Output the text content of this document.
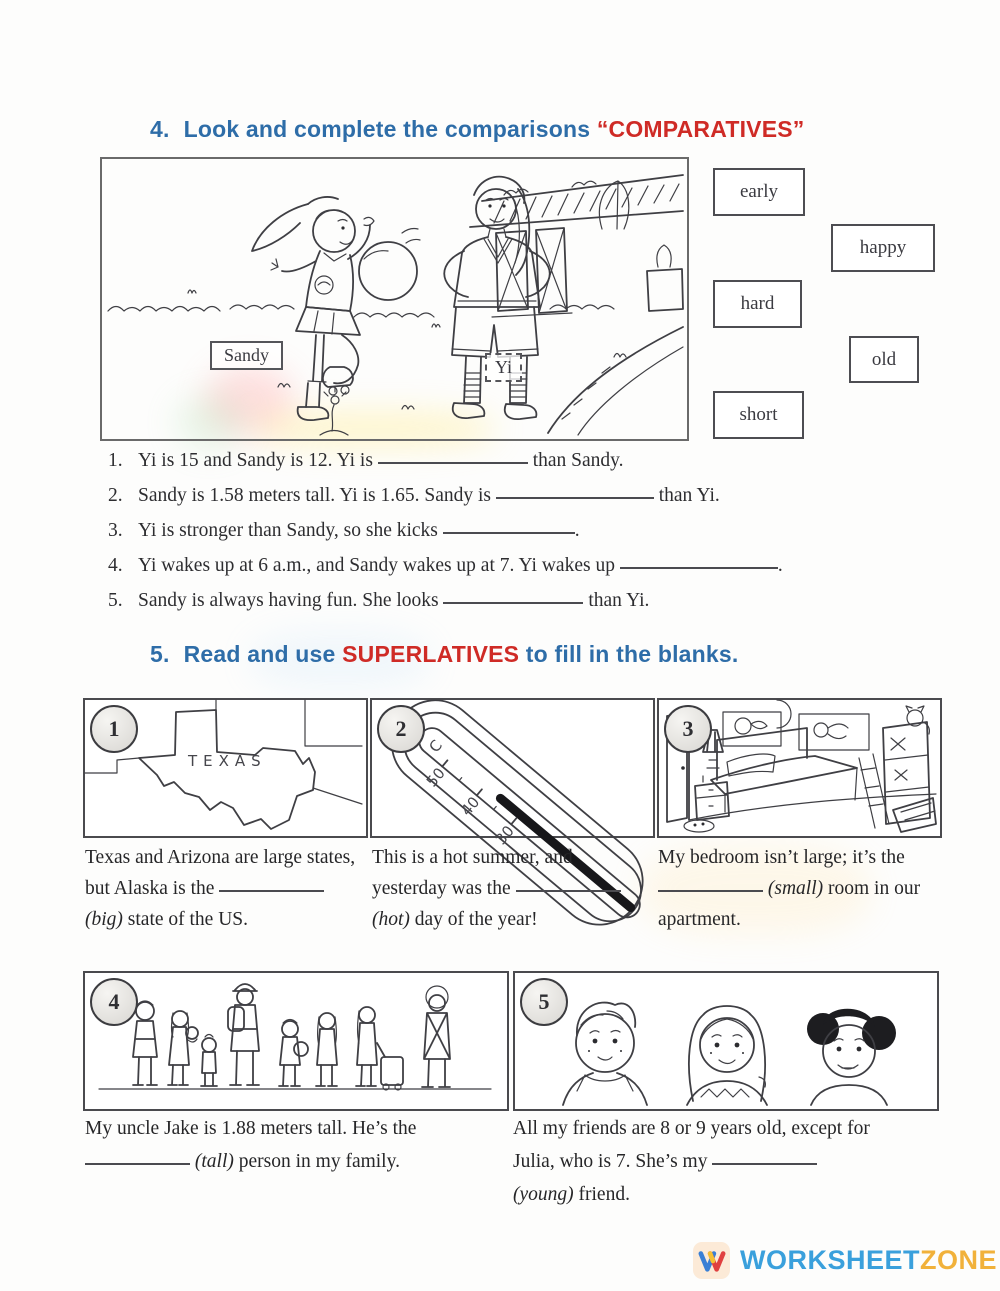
4. Look and complete the comparisons “COMPARATIVES”
Sandy
Yi
early
happy
hard
old
short
1. Yi is 15 and Sandy is 12. Yi is	than Sandy.
2. Sandy is 1.58 meters tall. Yi is 1.65. Sandy is	than Yi.
3. Yi is stronger than Sandy, so she kicks	.
4. Yi wakes up at 6 a.m., and Sandy wakes up at 7. Yi wakes up	.
5. Sandy is always having fun. She looks	than Yi.
5. Read and use SUPERLATIVES to fill in the blanks.
TEXAS
1
C
50
40
30
2	3
Texas and Arizona are large states, but Alaska is the  (big) state of the US.
This is a hot summer, and yesterday was the  (hot) day of the year!
My bedroom isn’t large; it’s the  (small) room in our apartment.
4	5
My uncle Jake is 1.88 meters tall. He’s the  (tall) person in my family.
All my friends are 8 or 9 years old, except for Julia, who is 7. She’s my  (young) friend.
WORKSHEETZONE
